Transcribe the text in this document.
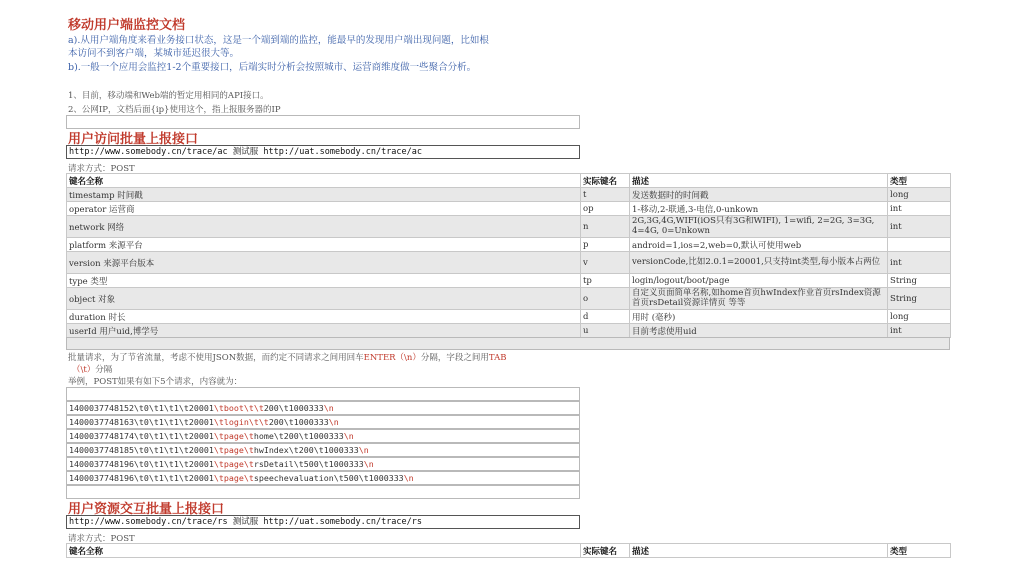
移动用户端监控文档
a).从用户端角度来看业务接口状态，这是一个端到端的监控，能最早的发现用户端出现问题，比如根
本访问不到客户端，某城市延迟很大等。
b).一般一个应用会监控1-2个重要接口，后端实时分析会按照城市、运营商维度做一些聚合分析。
1、目前，移动端和Web端的暂定用相同的API接口。
2、公网IP，文档后面{ip}使用这个，指上报服务器的IP
用户访问批量上报接口
http://www.somebody.cn/trace/ac 测试服 http://uat.somebody.cn/trace/ac
请求方式：POST
键名全称	实际键名	描述	类型
timestamp 时间戳	t	发送数据时的时间戳	long
operator 运营商	op	1-移动,2-联通,3-电信,0-unkown	int
network 网络	n	2G,3G,4G,WIFI(iOS只有3G和WIFI), 1=wifi, 2=2G, 3=3G, 4=4G, 0=Unkown	int
platform 来源平台	p	android=1,ios=2,web=0,默认可使用web	
version 来源平台版本	v	versionCode,比如2.0.1=20001,只支持int类型,每小版本占两位	int
type 类型	tp	login/logout/boot/page	String
object 对象	o	自定义页面简单名称,如home首页hwIndex作业首页rsIndex资源首页rsDetail资源详情页 等等	String
duration 时长	d	用时 (毫秒)	long
userId 用户uid,博学号	u	目前考虑使用uid	int
批量请求，为了节省流量，考虑不使用JSON数据，而约定不同请求之间用回车ENTER（\n）分隔，字段之间用TAB
（\t）分隔
举例，POST如果有如下5个请求，内容就为：
1400037748152\t0\t1\t1\t20001\tboot\t\t200\t1000333\n
1400037748163\t0\t1\t1\t20001\tlogin\t\t200\t1000333\n
1400037748174\t0\t1\t1\t20001\tpage\thome\t200\t1000333\n
1400037748185\t0\t1\t1\t20001\tpage\thwIndex\t200\t1000333\n
1400037748196\t0\t1\t1\t20001\tpage\trsDetail\t500\t1000333\n
1400037748196\t0\t1\t1\t20001\tpage\tspeechevaluation\t500\t1000333\n
用户资源交互批量上报接口
http://www.somebody.cn/trace/rs 测试服 http://uat.somebody.cn/trace/rs
请求方式：POST
键名全称	实际键名	描述	类型
